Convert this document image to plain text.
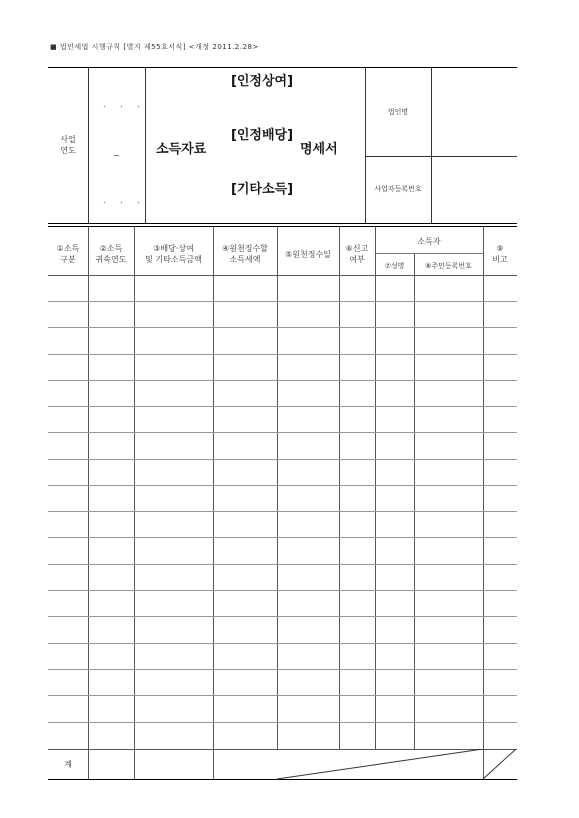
■ 법인세법 시행규칙 [별지 제55호서식] <개정 2011.2.28>
사업
연도
. . .
~
. . .
소득자료
[인정상여]
[인정배당]
[기타소득]
명세서
법인명
사업자등록번호
①소득
구분
②소득
귀속연도
③배당·상여
및 기타소득금액
④원천징수할
소득세액
⑤원천징수일
⑥신고
여부
소득자
⑦성명	⑧주민등록번호
⑨
비고
계
